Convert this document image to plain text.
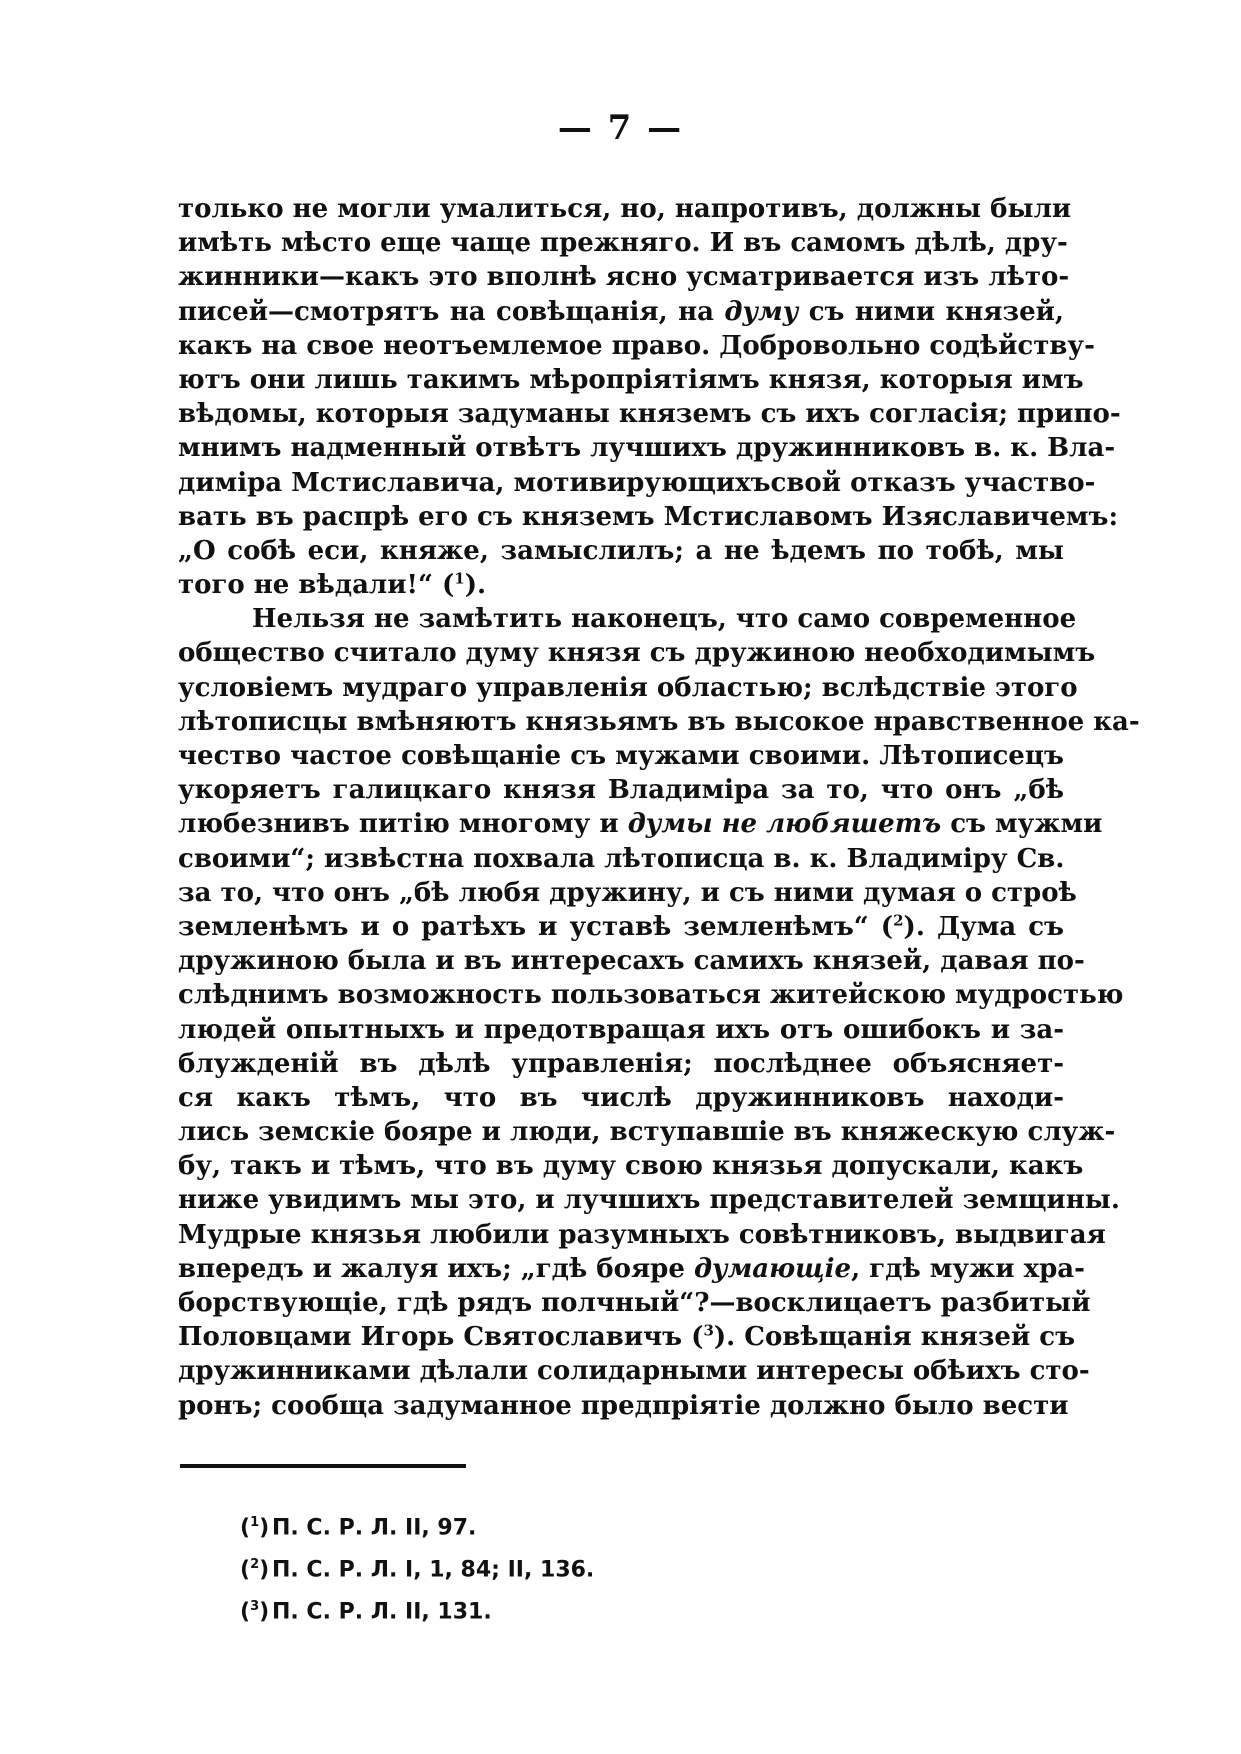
— 7 —
только не могли умалиться, но, напротивъ, должны были
имѣть мѣсто еще чаще прежняго. И въ самомъ дѣлѣ, дру-
жинники—какъ это вполнѣ ясно усматривается изъ лѣто-
писей—смотрятъ на совѣщанія, на думу съ ними князей,
какъ на свое неотъемлемое право. Добровольно содѣйству-
ютъ они лишь такимъ мѣропріятіямъ князя, которыя имъ
вѣдомы, которыя задуманы княземъ съ ихъ согласія; припо-
мнимъ надменный отвѣтъ лучшихъ дружинниковъ в. к. Вла-
диміра Мстиславича, мотивирующихъсвой отказъ участво-
вать въ распрѣ его съ княземъ Мстиславомъ Изяславичемъ:
„О собѣ еси, княже, замыслилъ; а не ѣдемъ по тобѣ, мы
того не вѣдали!“ ($^1$).
Нельзя не замѣтить наконецъ, что само современное
общество считало думу князя съ дружиною необходимымъ
условіемъ мудраго управленія областью; вслѣдствіе этого
лѣтописцы вмѣняютъ князьямъ въ высокое нравственное ка-
чество частое совѣщаніе съ мужами своими. Лѣтописецъ
укоряетъ галицкаго князя Владиміра за то, что онъ „бѣ
любезнивъ питію многому и думы не любяшетъ съ мужми
своими“; извѣстна похвала лѣтописца в. к. Владиміру Св.
за то, что онъ „бѣ любя дружину, и съ ними думая о строѣ
земленѣмъ и о ратѣхъ и уставѣ земленѣмъ“ ($^2$). Дума съ
дружиною была и въ интересахъ самихъ князей, давая по-
слѣднимъ возможность пользоваться житейскою мудростью
людей опытныхъ и предотвращая ихъ отъ ошибокъ и за-
блужденій въ дѣлѣ управленія; послѣднее объясняет-
ся какъ тѣмъ, что въ числѣ дружинниковъ находи-
лись земскіе бояре и люди, вступавшіе въ княжескую служ-
бу, такъ и тѣмъ, что въ думу свою князья допускали, какъ
ниже увидимъ мы это, и лучшихъ представителей земщины.
Мудрые князья любили разумныхъ совѣтниковъ, выдвигая
впередъ и жалуя ихъ; „гдѣ бояре думающіе, гдѣ мужи хра-
борствующіе, гдѣ рядъ полчный“?—восклицаетъ разбитый
Половцами Игорь Святославичъ ($^3$). Совѣщанія князей съ
дружинниками дѣлали солидарными интересы обѣихъ сто-
ронъ; сообща задуманное предпріятіе должно было вести
($^1$) П. С. Р. Л. II, 97.
($^2$) П. С. Р. Л. I, 1, 84; II, 136.
($^3$) П. С. Р. Л. II, 131.
